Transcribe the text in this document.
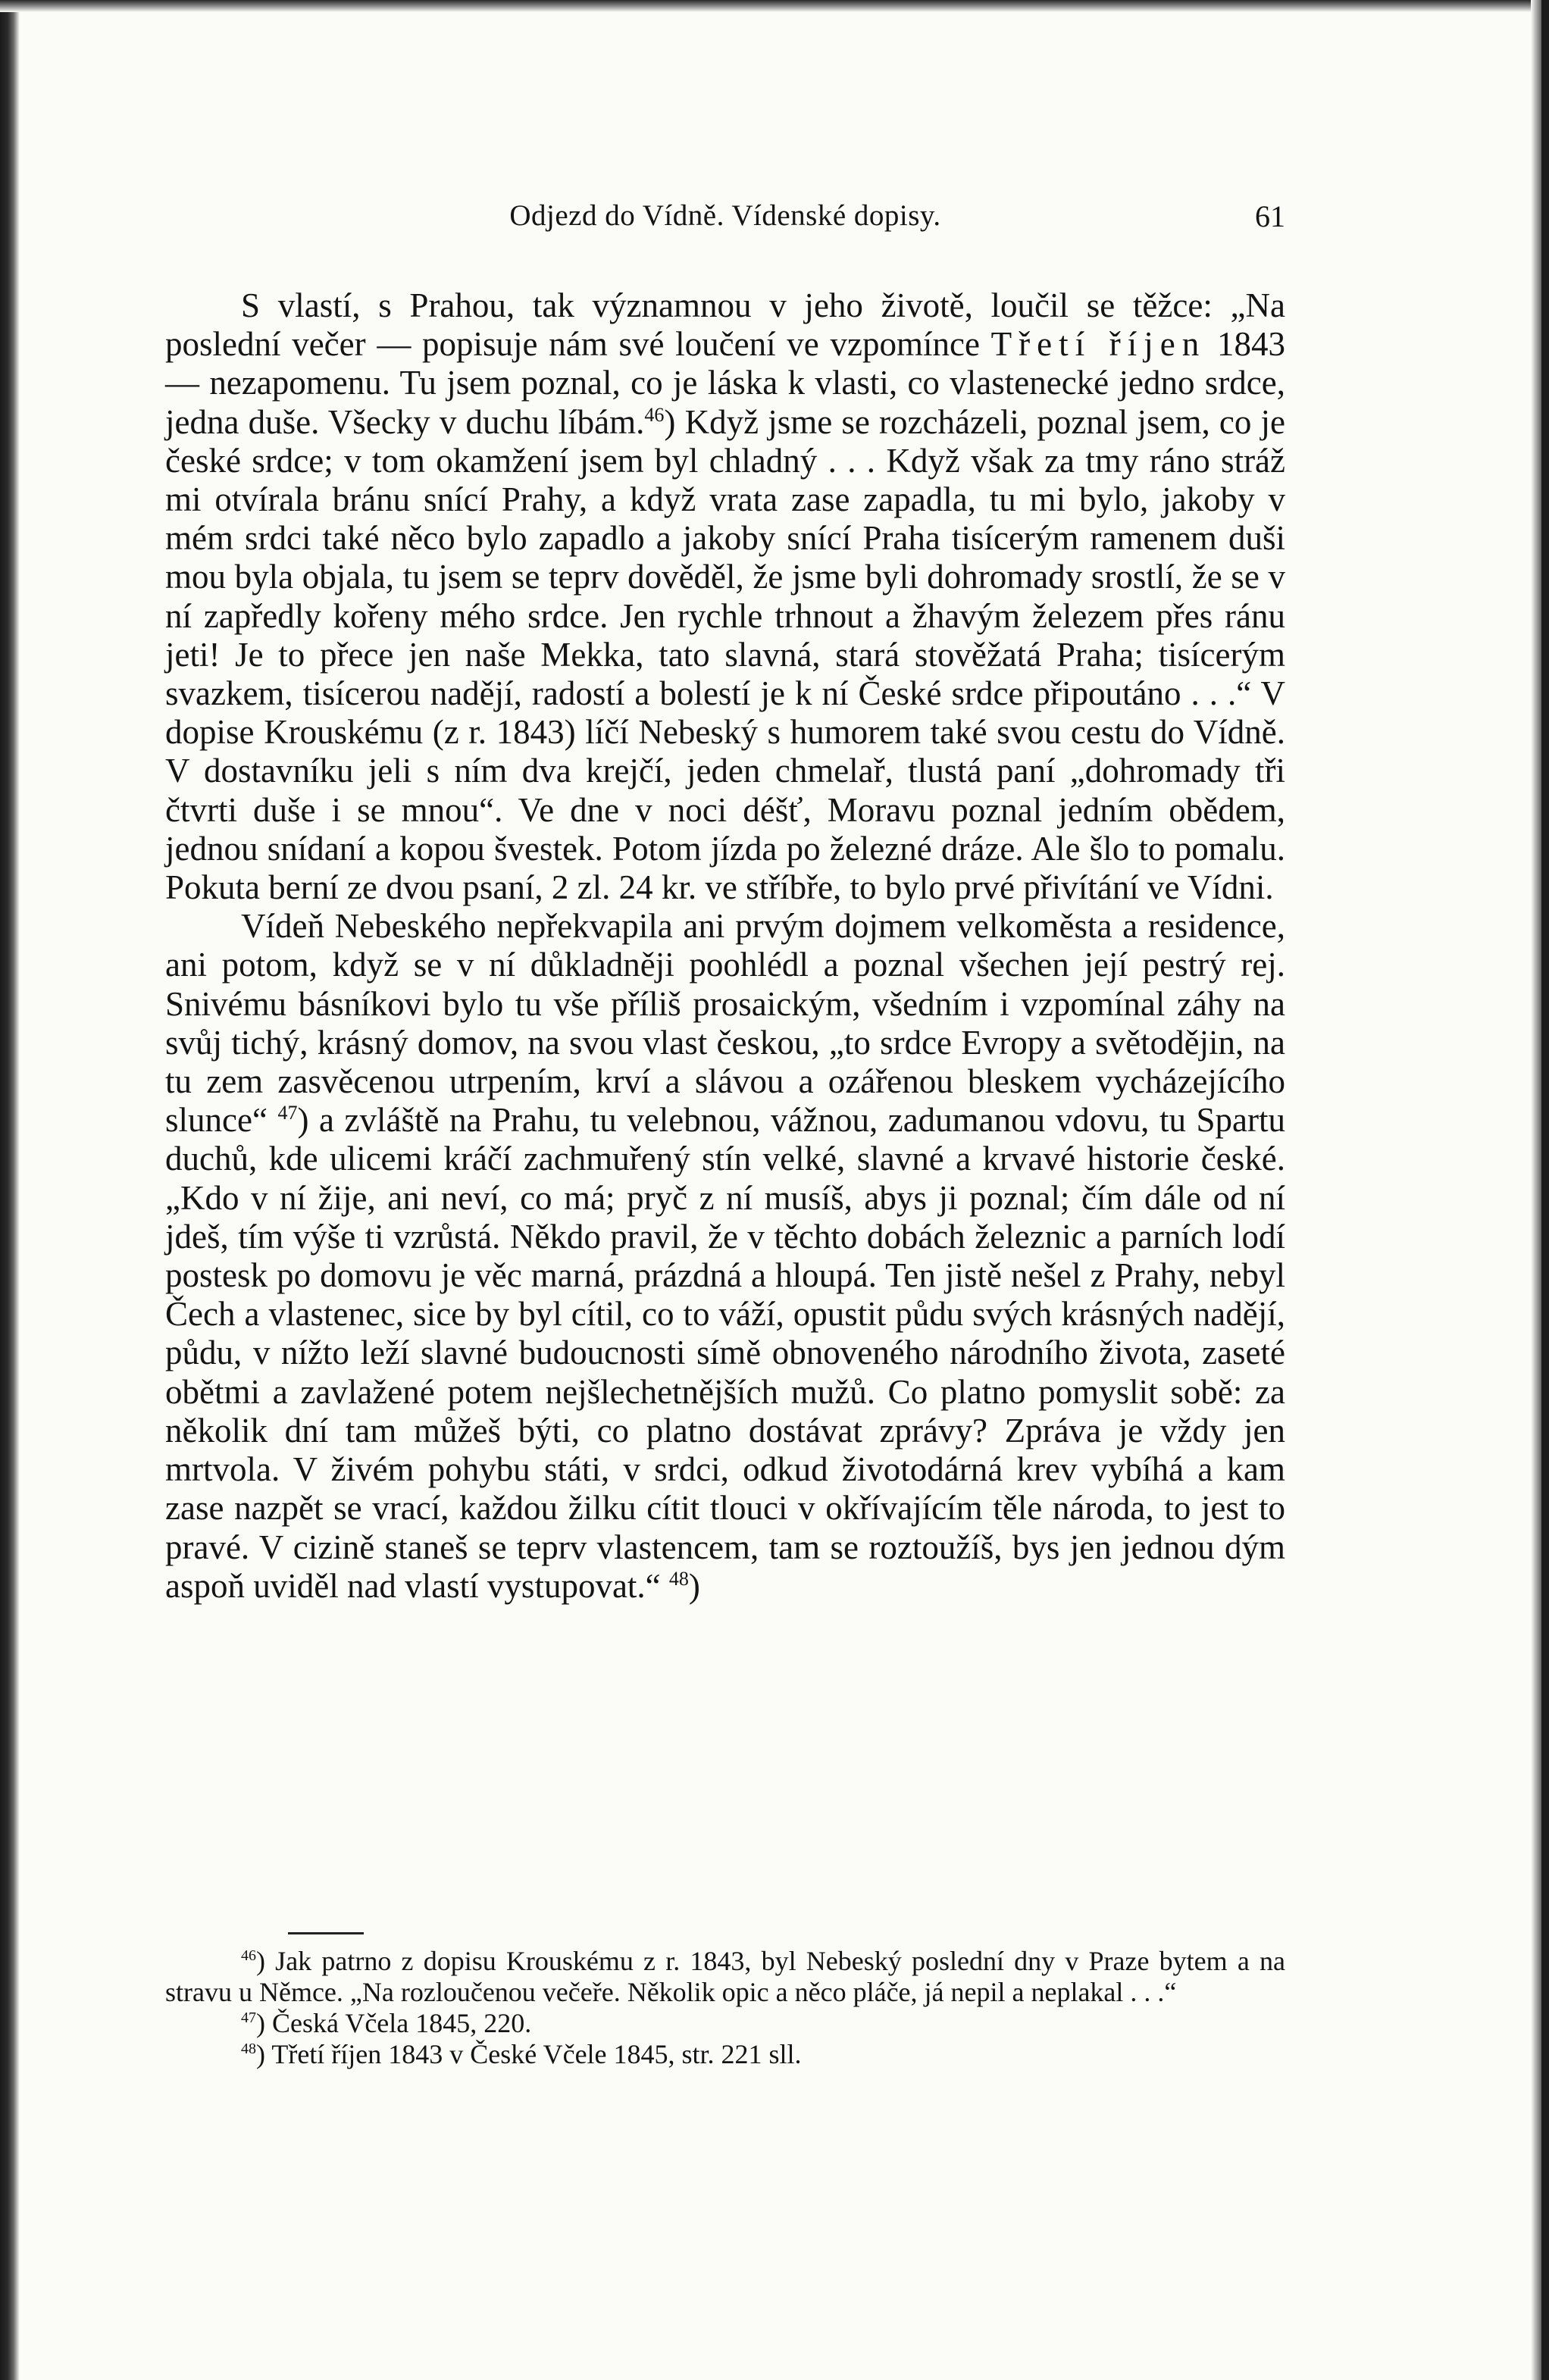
Odjezd do Vídně. Vídenské dopisy.	61

S vlastí, s Prahou, tak významnou v jeho životě, loučil se těžce: „Na poslední večer — popisuje nám své loučení ve vzpomínce Třetí říjen 1843 — nezapomenu. Tu jsem poznal, co je láska k vlasti, co vlastenecké jedno srdce, jedna duše. Všecky v duchu líbám.$^{46}$) Když jsme se rozcházeli, poznal jsem, co je české srdce; v tom okamžení jsem byl chladný . . . Když však za tmy ráno stráž mi otvírala bránu snící Prahy, a když vrata zase zapadla, tu mi bylo, jakoby v mém srdci také něco bylo zapadlo a jakoby snící Praha tisícerým ramenem duši mou byla objala, tu jsem se teprv dověděl, že jsme byli dohromady srostlí, že se v ní zapředly kořeny mého srdce. Jen rychle trhnout a žhavým železem přes ránu jeti! Je to přece jen naše Mekka, tato slavná, stará stověžatá Praha; tisícerým svazkem, tisícerou nadějí, radostí a bolestí je k ní České srdce připoutáno . . .“ V dopise Krouskému (z r. 1843) líčí Nebeský s humorem také svou cestu do Vídně. V dostavníku jeli s ním dva krejčí, jeden chmelař, tlustá paní „dohromady tři čtvrti duše i se mnou“. Ve dne v noci déšť, Moravu poznal jedním obědem, jednou snídaní a kopou švestek. Potom jízda po železné dráze. Ale šlo to pomalu. Pokuta berní ze dvou psaní, 2 zl. 24 kr. ve stříbře, to bylo prvé přivítání ve Vídni.

Vídeň Nebeského nepřekvapila ani prvým dojmem velkoměsta a residence, ani potom, když se v ní důkladněji poohlédl a poznal všechen její pestrý rej. Snivému básníkovi bylo tu vše příliš prosaickým, všedním i vzpomínal záhy na svůj tichý, krásný domov, na svou vlast českou, „to srdce Evropy a světodějin, na tu zem zasvěcenou utrpením, krví a slávou a ozářenou bleskem vycházejícího slunce“ $^{47}$) a zvláště na Prahu, tu velebnou, vážnou, zadumanou vdovu, tu Spartu duchů, kde ulicemi kráčí zachmuřený stín velké, slavné a krvavé historie české. „Kdo v ní žije, ani neví, co má; pryč z ní musíš, abys ji poznal; čím dále od ní jdeš, tím výše ti vzrůstá. Někdo pravil, že v těchto dobách železnic a parních lodí postesk po domovu je věc marná, prázdná a hloupá. Ten jistě nešel z Prahy, nebyl Čech a vlastenec, sice by byl cítil, co to váží, opustit půdu svých krásných nadějí, půdu, v nížto leží slavné budoucnosti símě obnoveného národního života, zaseté obětmi a zavlažené potem nejšlechetnějších mužů. Co platno pomyslit sobě: za několik dní tam můžeš býti, co platno dostávat zprávy? Zpráva je vždy jen mrtvola. V živém pohybu státi, v srdci, odkud životodárná krev vybíhá a kam zase nazpět se vrací, každou žilku cítit tlouci v okřívajícím těle národa, to jest to pravé. V cizině staneš se teprv vlastencem, tam se roztoužíš, bys jen jednou dým aspoň uviděl nad vlastí vystupovat.“ $^{48}$)

$^{46}$) Jak patrno z dopisu Krouskému z r. 1843, byl Nebeský poslední dny v Praze bytem a na stravu u Němce. „Na rozloučenou večeře. Několik opic a něco pláče, já nepil a neplakal . . .“

$^{47}$) Česká Včela 1845, 220.

$^{48}$) Třetí říjen 1843 v České Včele 1845, str. 221 sll.
